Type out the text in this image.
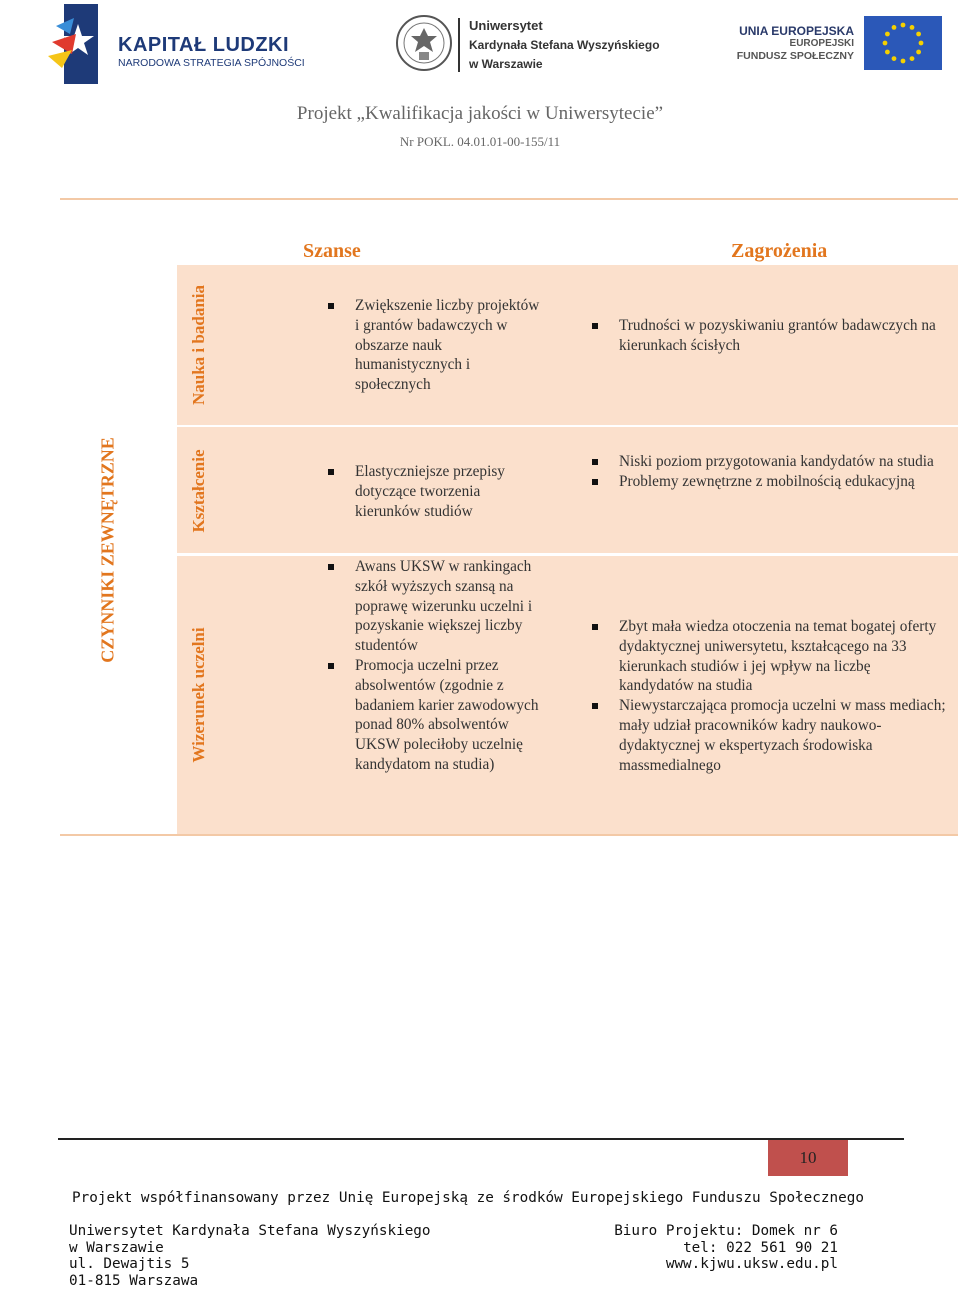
KAPITAŁ LUDZKI
NARODOWA STRATEGIA SPÓJNOŚCI
Uniwersytet
Kardynała Stefana Wyszyńskiego
w Warszawie
UNIA EUROPEJSKA
EUROPEJSKI
FUNDUSZ SPOŁECZNY
Projekt „Kwalifikacja jakości w Uniwersytecie”
Nr POKL. 04.01.01-00-155/11
Szanse	Zagrożenia
CZYNNIKI ZEWNĘTRZNE
Nauka i badania
Kształcenie
Wizerunek uczelni
Zwiększenie liczby projektów i grantów badawczych w obszarze nauk humanistycznych i społecznych
Trudności w pozyskiwaniu grantów badawczych na kierunkach ścisłych
Elastyczniejsze przepisy dotyczące tworzenia kierunków studiów
Niski poziom przygotowania kandydatów na studia
Problemy zewnętrzne z mobilnością edukacyjną
Awans UKSW w rankingach szkół wyższych szansą na poprawę wizerunku uczelni i pozyskanie większej liczby studentów
Promocja uczelni przez absolwentów (zgodnie z badaniem karier zawodowych ponad 80% absolwentów UKSW poleciłoby uczelnię kandydatom na studia)
Zbyt mała wiedza otoczenia na temat bogatej oferty dydaktycznej uniwersytetu, kształcącego na 33 kierunkach studiów i jej wpływ na liczbę kandydatów na studia
Niewystarczająca promocja uczelni w mass mediach; mały udział pracowników kadry naukowo-dydaktycznej w ekspertyzach środowiska massmedialnego
10
Projekt współfinansowany przez Unię Europejską ze środków Europejskiego Funduszu Społecznego
Uniwersytet Kardynała Stefana Wyszyńskiego
w Warszawie
ul. Dewajtis 5
01-815 Warszawa
Biuro Projektu: Domek nr 6
tel: 022 561 90 21
www.kjwu.uksw.edu.pl
